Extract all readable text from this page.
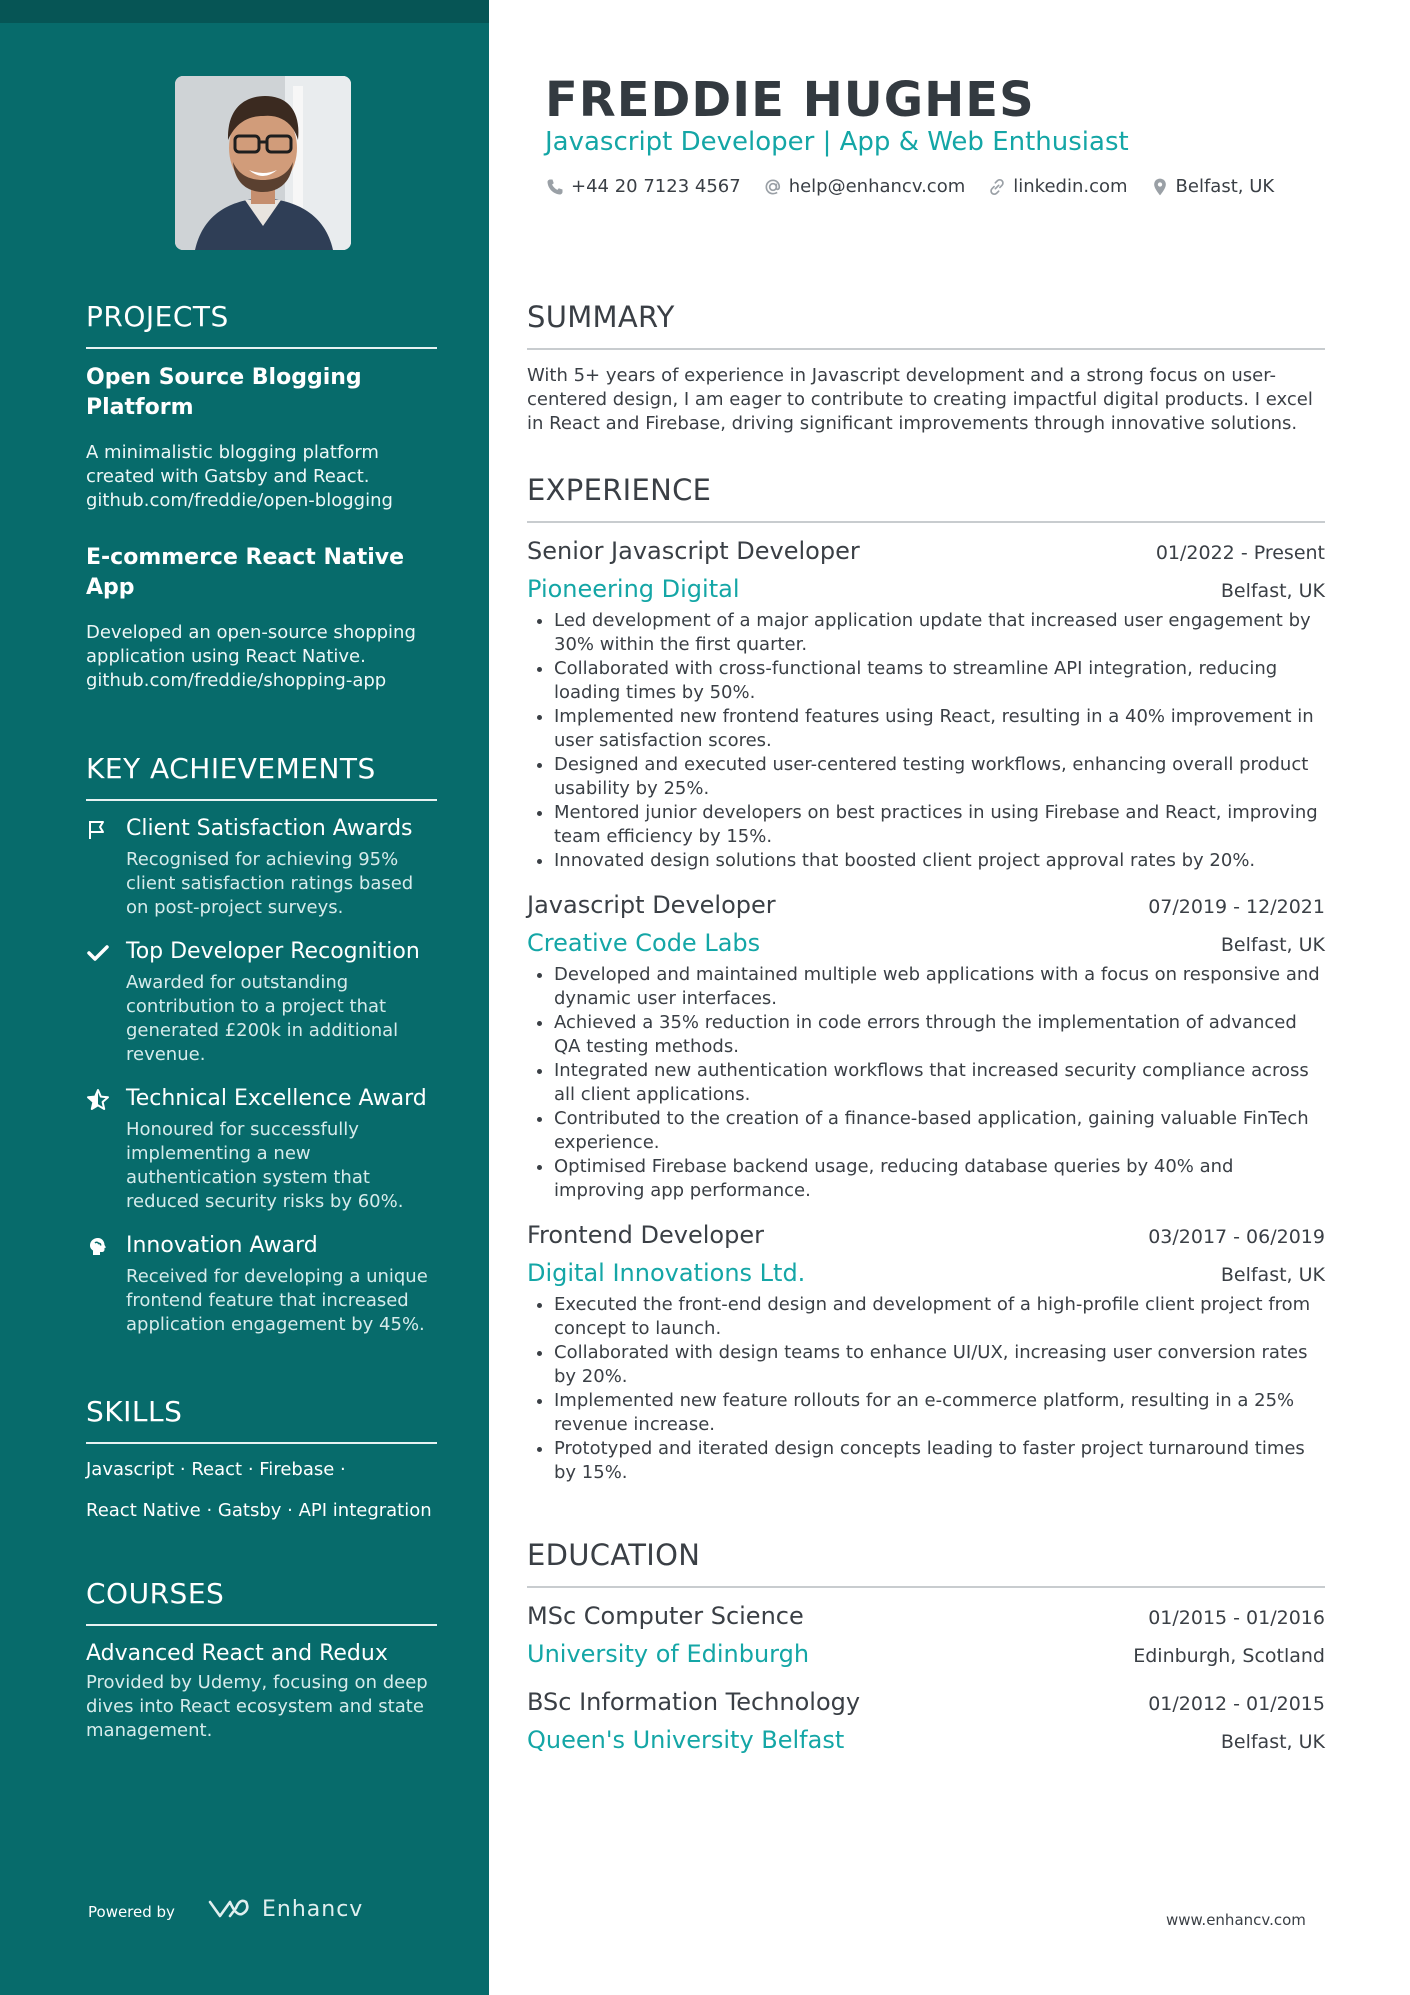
PROJECTS
Open Source Blogging Platform
A minimalistic blogging platform created with Gatsby and React. github.com/freddie/open-blogging
E-commerce React Native App
Developed an open-source shopping application using React Native. github.com/freddie/shopping-app
KEY ACHIEVEMENTS
Client Satisfaction Awards
Recognised for achieving 95% client satisfaction ratings based on post-project surveys.
Top Developer Recognition
Awarded for outstanding contribution to a project that generated £200k in additional revenue.
Technical Excellence Award
Honoured for successfully implementing a new authentication system that reduced security risks by 60%.
Innovation Award
Received for developing a unique frontend feature that increased application engagement by 45%.
SKILLS
Javascript · React · Firebase ·
React Native · Gatsby · API integration
COURSES
Advanced React and Redux
Provided by Udemy, focusing on deep dives into React ecosystem and state management.
Powered by	Enhancv
FREDDIE HUGHES
Javascript Developer | App & Web Enthusiast
+44 20 7123 4567	help@enhancv.com	linkedin.com	Belfast, UK
SUMMARY
With 5+ years of experience in Javascript development and a strong focus on user-centered design, I am eager to contribute to creating impactful digital products. I excel in React and Firebase, driving significant improvements through innovative solutions.
EXPERIENCE
Senior Javascript Developer	01/2022 - Present
Pioneering Digital	Belfast, UK
• Led development of a major application update that increased user engagement by 30% within the first quarter.
• Collaborated with cross-functional teams to streamline API integration, reducing loading times by 50%.
• Implemented new frontend features using React, resulting in a 40% improvement in user satisfaction scores.
• Designed and executed user-centered testing workflows, enhancing overall product usability by 25%.
• Mentored junior developers on best practices in using Firebase and React, improving team efficiency by 15%.
• Innovated design solutions that boosted client project approval rates by 20%.
Javascript Developer	07/2019 - 12/2021
Creative Code Labs	Belfast, UK
• Developed and maintained multiple web applications with a focus on responsive and dynamic user interfaces.
• Achieved a 35% reduction in code errors through the implementation of advanced QA testing methods.
• Integrated new authentication workflows that increased security compliance across all client applications.
• Contributed to the creation of a finance-based application, gaining valuable FinTech experience.
• Optimised Firebase backend usage, reducing database queries by 40% and improving app performance.
Frontend Developer	03/2017 - 06/2019
Digital Innovations Ltd.	Belfast, UK
• Executed the front-end design and development of a high-profile client project from concept to launch.
• Collaborated with design teams to enhance UI/UX, increasing user conversion rates by 20%.
• Implemented new feature rollouts for an e-commerce platform, resulting in a 25% revenue increase.
• Prototyped and iterated design concepts leading to faster project turnaround times by 15%.
EDUCATION
MSc Computer Science	01/2015 - 01/2016
University of Edinburgh	Edinburgh, Scotland
BSc Information Technology	01/2012 - 01/2015
Queen's University Belfast	Belfast, UK
www.enhancv.com
